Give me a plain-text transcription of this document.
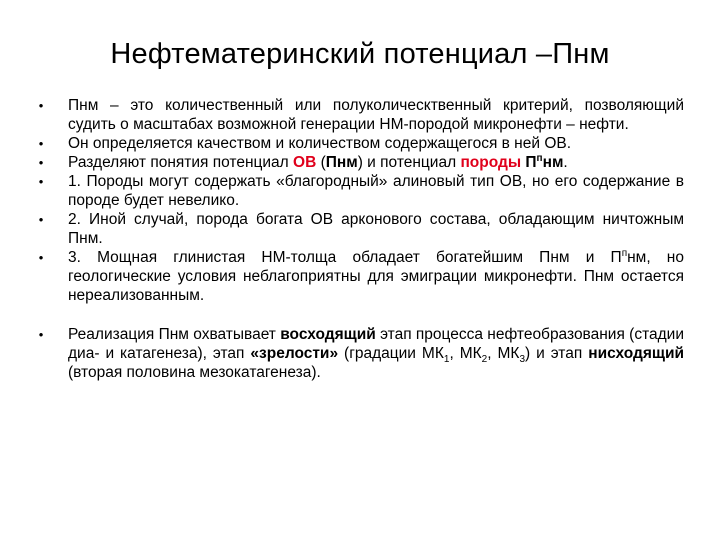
Нефтематеринский потенциал –Пнм
• Пнм – это количественный или полуколическтвенный критерий, позволяющий судить о масштабах возможной генерации НМ-породой микронефти – нефти.
• Он определяется качеством и количеством содержащегося в ней ОВ.
• Разделяют понятия потенциал ОВ (Пнм) и потенциал породы $П^пнм$.
• 1. Породы могут содержать «благородный» алиновый тип ОВ, но его содержание в породе будет невелико.
• 2. Иной случай, порода богата ОВ арконового состава, обладающим ничтожным Пнм.
• 3. Мощная глинистая НМ-толща обладает богатейшим Пнм и $П^пнм$, но геологические условия неблагоприятны для эмиграции микронефти. Пнм остается нереализованным.
• Реализация Пнм охватывает восходящий этап процесса нефтеобразования (стадии диа- и катагенеза), этап «зрелости» (градации $МК_1$, $МК_2$, $МК_3$) и этап нисходящий (вторая половина мезокатагенеза).
